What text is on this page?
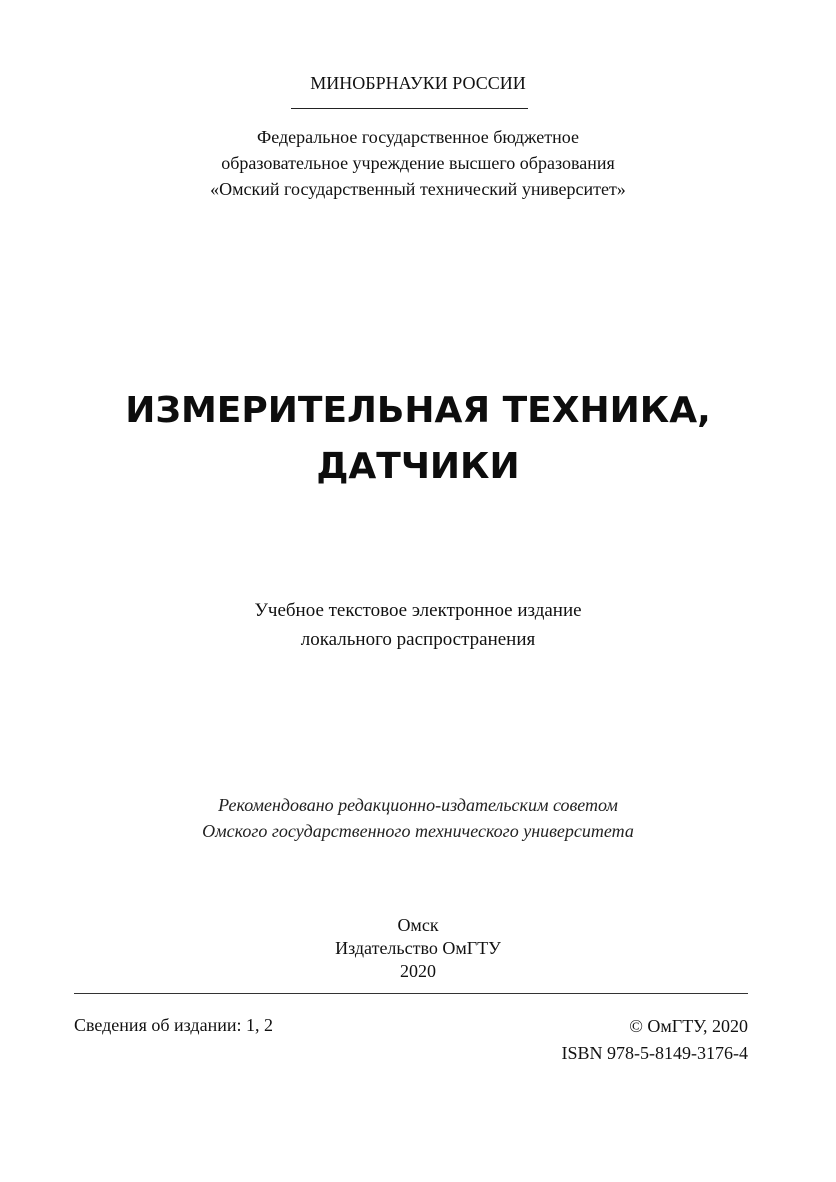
МИНОБРНАУКИ РОССИИ
Федеральное государственное бюджетное
образовательное учреждение высшего образования
«Омский государственный технический университет»
ИЗМЕРИТЕЛЬНАЯ ТЕХНИКА,
ДАТЧИКИ
Учебное текстовое электронное издание
локального распространения
Рекомендовано редакционно-издательским советом
Омского государственного технического университета
Омск
Издательство ОмГТУ
2020
Сведения об издании: 1, 2	© ОмГТУ, 2020
ISBN 978-5-8149-3176-4
